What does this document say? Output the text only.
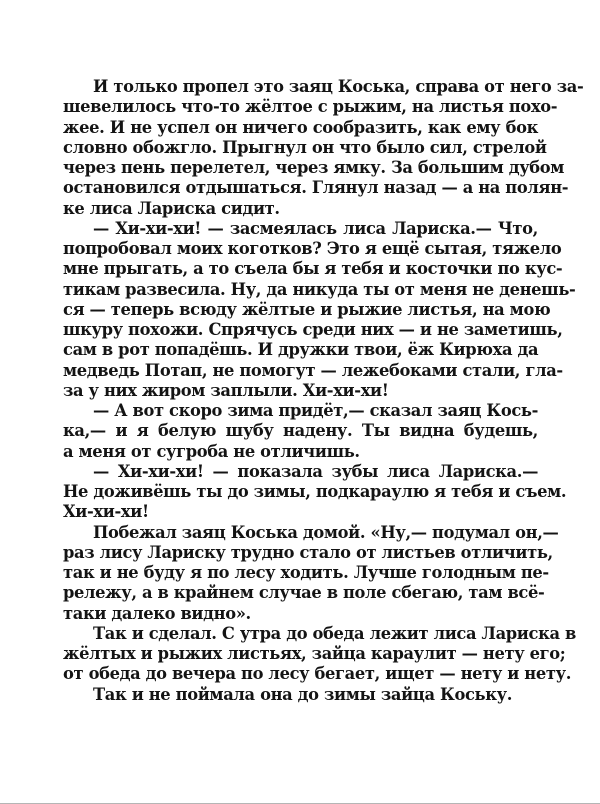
И только пропел это заяц Коська, справа от него за-
шевелилось что-то жёлтое с рыжим, на листья похо-
жее. И не успел он ничего сообразить, как ему бок
словно обожгло. Прыгнул он что было сил, стрелой
через пень перелетел, через ямку. За большим дубом
остановился отдышаться. Глянул назад — а на полян-
ке лиса Лариска сидит.
— Хи-хи-хи! — засмеялась лиса Лариска.— Что,
попробовал моих коготков? Это я ещё сытая, тяжело
мне прыгать, а то съела бы я тебя и косточки по кус-
тикам развесила. Ну, да никуда ты от меня не денешь-
ся — теперь всюду жёлтые и рыжие листья, на мою
шкуру похожи. Спрячусь среди них — и не заметишь,
сам в рот попадёшь. И дружки твои, ёж Кирюха да
медведь Потап, не помогут — лежебоками стали, гла-
за у них жиром заплыли. Хи-хи-хи!
— А вот скоро зима придёт,— сказал заяц Кось-
ка,— и я белую шубу надену. Ты видна будешь,
а меня от сугроба не отличишь.
— Хи-хи-хи! — показала зубы лиса Лариска.—
Не доживёшь ты до зимы, подкараулю я тебя и съем.
Хи-хи-хи!
Побежал заяц Коська домой. «Ну,— подумал он,—
раз лису Лариску трудно стало от листьев отличить,
так и не буду я по лесу ходить. Лучше голодным пе-
рележу, а в крайнем случае в поле сбегаю, там всё-
таки далеко видно».
Так и сделал. С утра до обеда лежит лиса Лариска в
жёлтых и рыжих листьях, зайца караулит — нету его;
от обеда до вечера по лесу бегает, ищет — нету и нету.
Так и не поймала она до зимы зайца Коську.
